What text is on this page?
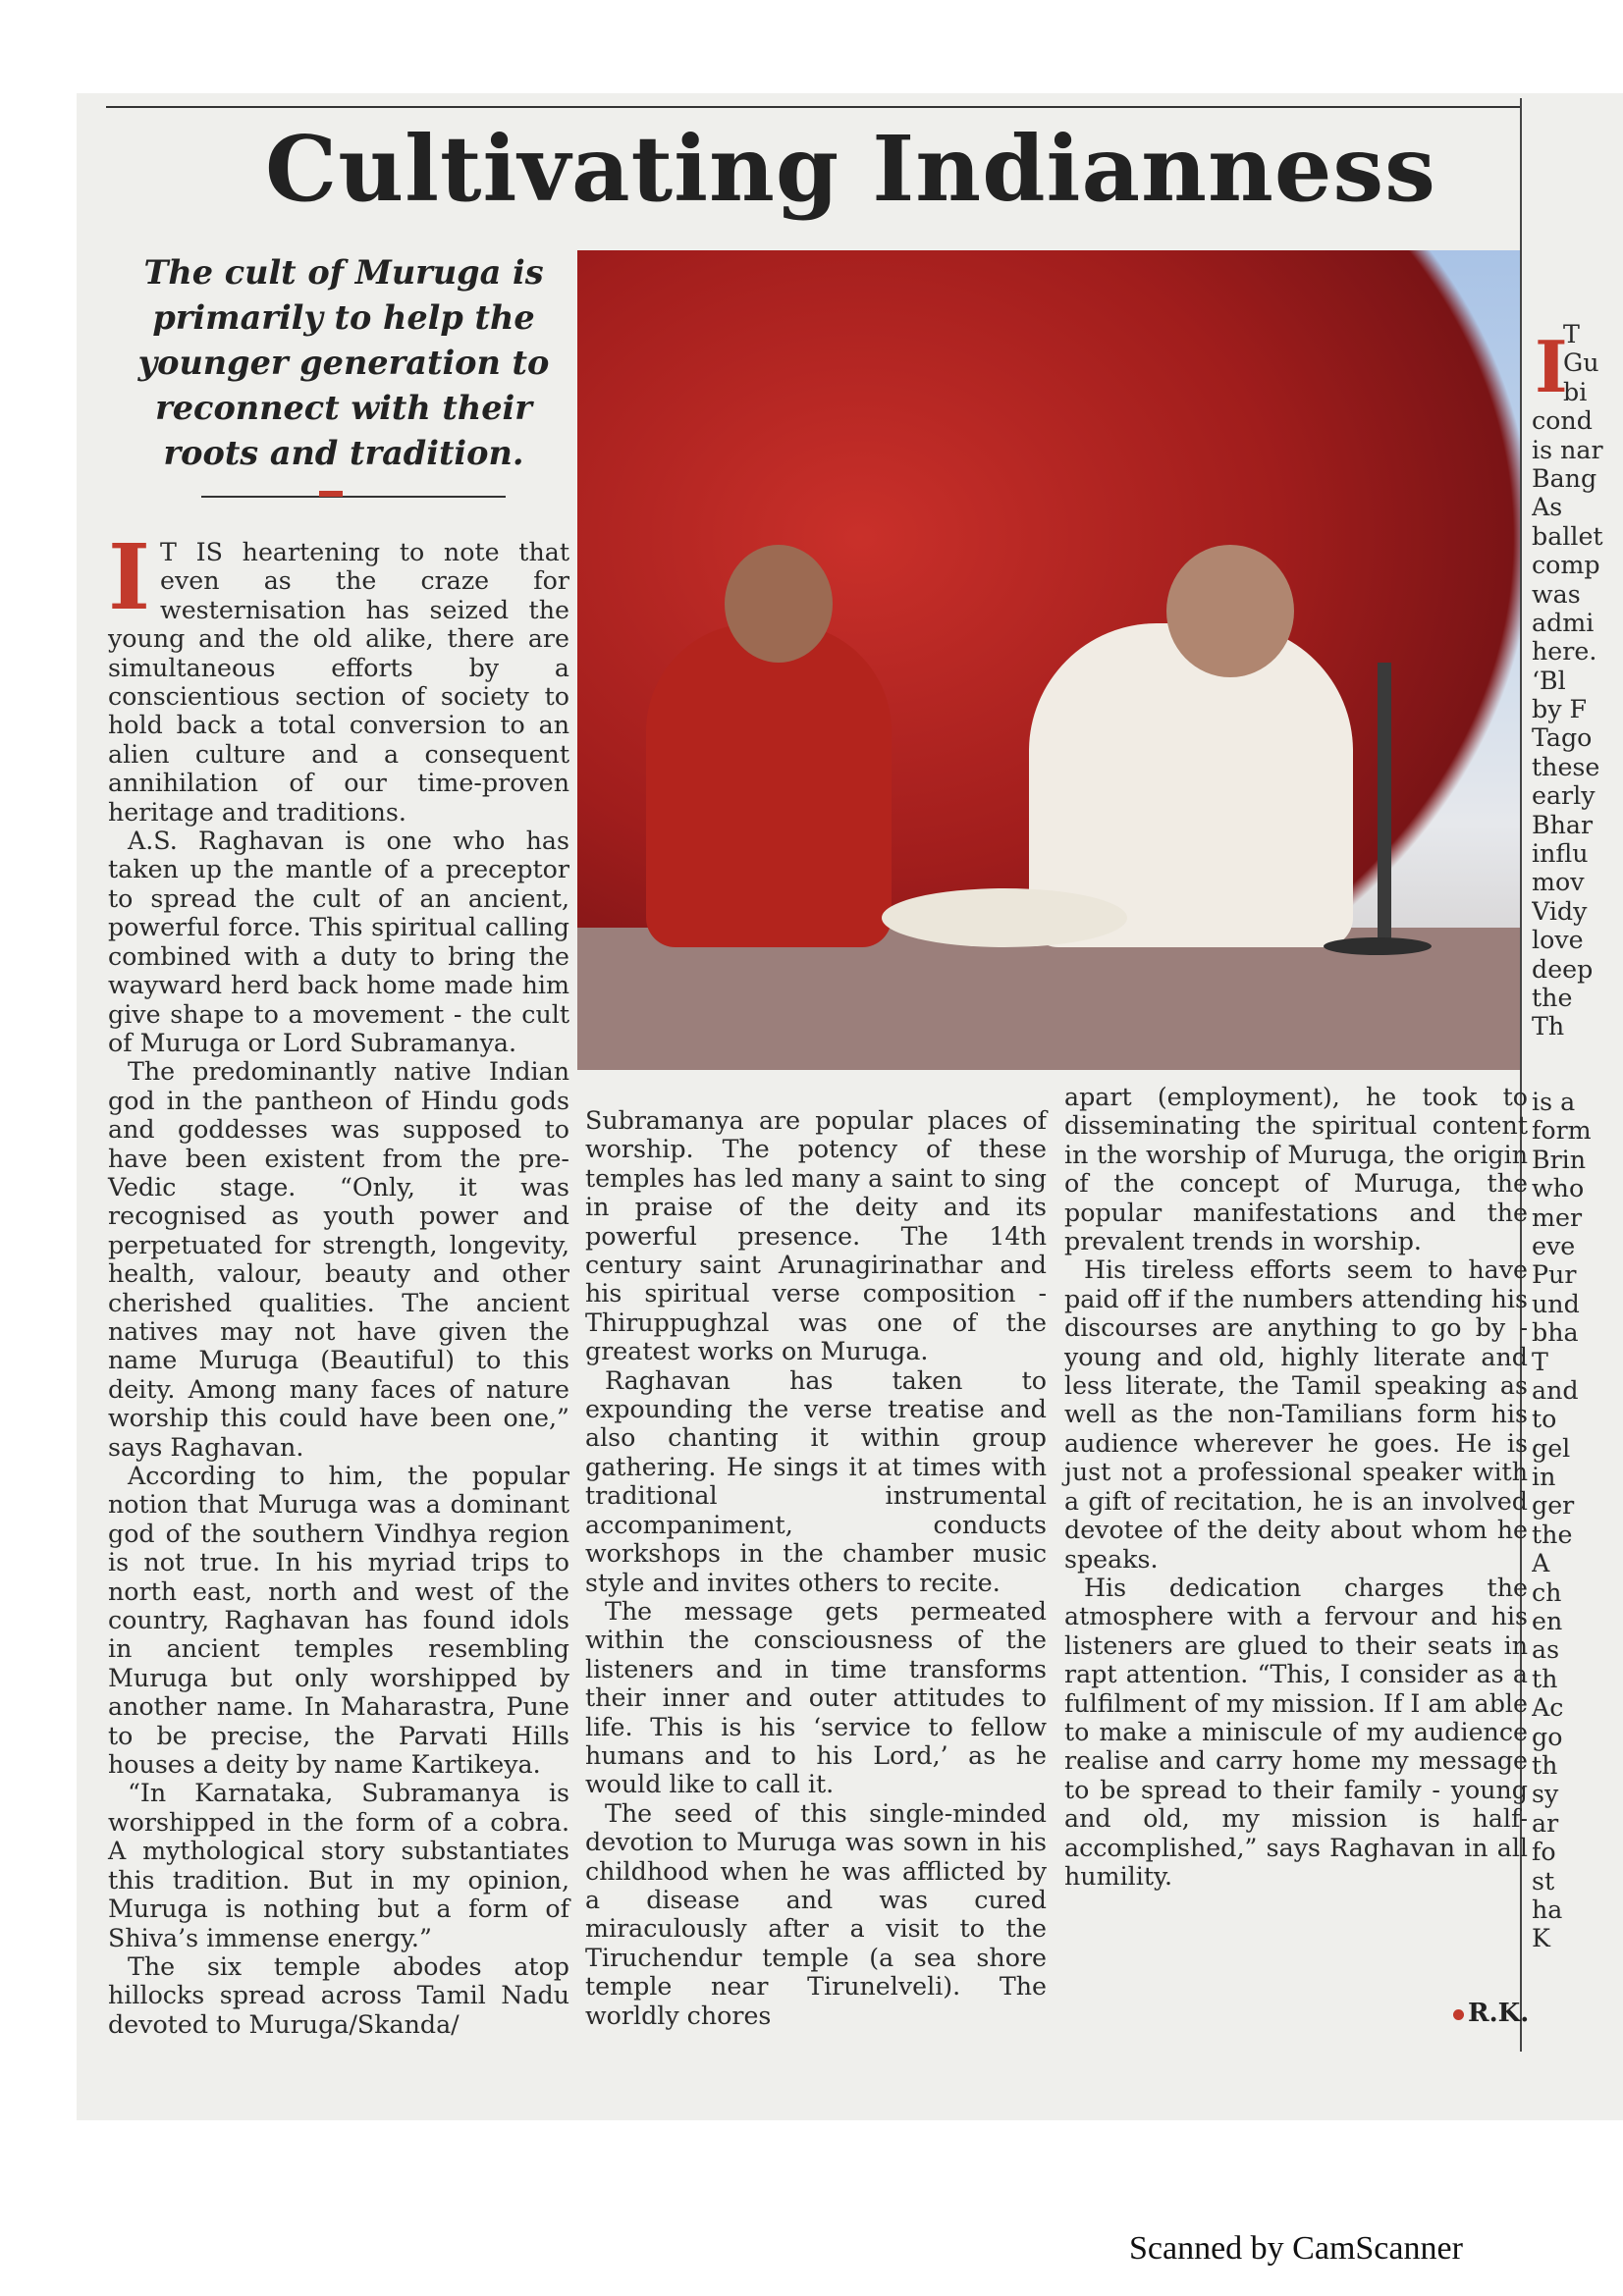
Cultivating Indianness
The cult of Muruga is primarily to help the younger generation to reconnect with their roots and tradition.

I T IS heartening to note that even as the craze for westernisation has seized the young and the old alike, there are simultaneous efforts by a conscientious section of society to hold back a total conversion to an alien culture and a consequent annihilation of our time-proven heritage and traditions.

A.S. Raghavan is one who has taken up the mantle of a preceptor to spread the cult of an ancient, powerful force. This spiritual calling combined with a duty to bring the wayward herd back home made him give shape to a movement - the cult of Muruga or Lord Subramanya.

The predominantly native Indian god in the pantheon of Hindu gods and goddesses was supposed to have been existent from the pre-Vedic stage. “Only, it was recognised as youth power and perpetuated for strength, longevity, health, valour, beauty and other cherished qualities. The ancient natives may not have given the name Muruga (Beautiful) to this deity. Among many faces of nature worship this could have been one,” says Raghavan.

According to him, the popular notion that Muruga was a dominant god of the southern Vindhya region is not true. In his myriad trips to north east, north and west of the country, Raghavan has found idols in ancient temples resembling Muruga but only worshipped by another name. In Maharastra, Pune to be precise, the Parvati Hills houses a deity by name Kartikeya.

“In Karnataka, Subramanya is worshipped in the form of a cobra. A mythological story substantiates this tradition. But in my opinion, Muruga is nothing but a form of Shiva’s immense energy.”

The six temple abodes atop hillocks spread across Tamil Nadu devoted to Muruga/Skanda/

Subramanya are popular places of worship. The potency of these temples has led many a saint to sing in praise of the deity and its powerful presence. The 14th century saint Arunagirinathar and his spiritual verse composition - Thiruppughzal was one of the greatest works on Muruga.

Raghavan has taken to expounding the verse treatise and also chanting it within group gathering. He sings it at times with traditional instrumental accompaniment, conducts workshops in the chamber music style and invites others to recite.

The message gets permeated within the consciousness of the listeners and in time transforms their inner and outer attitudes to life. This is his ‘service to fellow humans and to his Lord,’ as he would like to call it.

The seed of this single-minded devotion to Muruga was sown in his childhood when he was afflicted by a disease and was cured miraculously after a visit to the Tiruchendur temple (a sea shore temple near Tirunelveli). The worldly chores

apart (employment), he took to disseminating the spiritual content in the worship of Muruga, the origin of the concept of Muruga, the popular manifestations and the prevalent trends in worship.

His tireless efforts seem to have paid off if the numbers attending his discourses are anything to go by - young and old, highly literate and less literate, the Tamil speaking as well as the non-Tamilians form his audience wherever he goes. He is just not a professional speaker with a gift of recitation, he is an involved devotee of the deity about whom he speaks.

His dedication charges the atmosphere with a fervour and his listeners are glued to their seats in rapt attention. “This, I consider as a fulfilment of my mission. If I am able to make a miniscule of my audience realise and carry home my message to be spread to their family - young and old, my mission is half-accomplished,” says Raghavan in all humility.

R.K.
I
T
Gu
bi
cond
is nar
Bang
As
ballet
comp
was
admi
here.
‘Bl
by F
Tago
these
early
Bhar
influ
mov
Vidy
love
deep
the
Th
is a
form
Brin
who
mer
eve
Pur
und
bha
T
and
to
gel
in
ger
the
A
ch
en
as
th
Ac
go
th
sy
ar
fo
st
ha
K
Scanned by CamScanner
